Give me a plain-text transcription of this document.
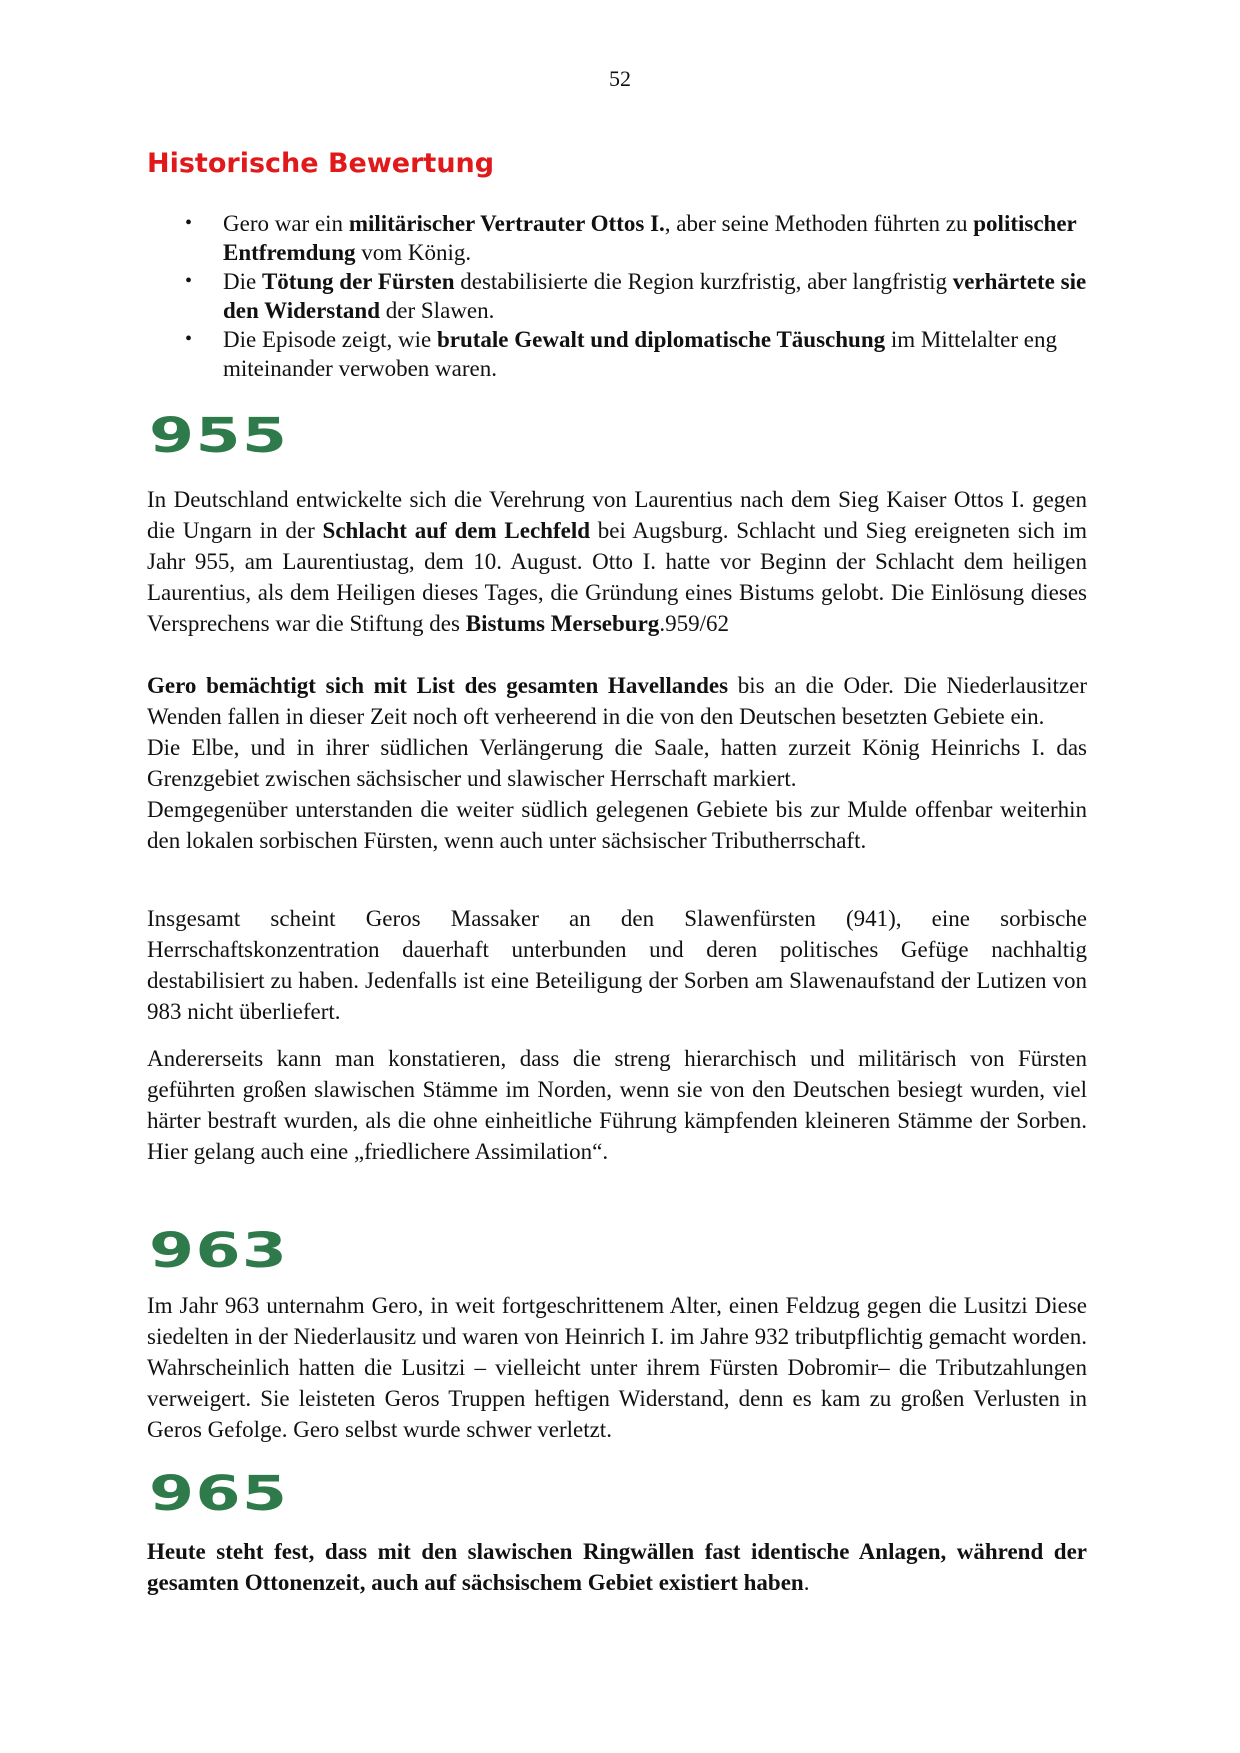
52
Historische Bewertung
• Gero war ein militärischer Vertrauter Ottos I., aber seine Methoden führten zu politischer Entfremdung vom König.
• Die Tötung der Fürsten destabilisierte die Region kurzfristig, aber langfristig verhärtete sie den Widerstand der Slawen.
• Die Episode zeigt, wie brutale Gewalt und diplomatische Täuschung im Mittelalter eng miteinander verwoben waren.
955

In Deutschland entwickelte sich die Verehrung von Laurentius nach dem Sieg Kaiser Ottos I. gegen die Ungarn in der Schlacht auf dem Lechfeld bei Augsburg. Schlacht und Sieg ereigneten sich im Jahr 955, am Laurentiustag, dem 10. August. Otto I. hatte vor Beginn der Schlacht dem heiligen Laurentius, als dem Heiligen dieses Tages, die Gründung eines Bistums gelobt. Die Einlösung dieses Versprechens war die Stiftung des Bistums Merseburg.959/62

Gero bemächtigt sich mit List des gesamten Havellandes bis an die Oder. Die Niederlausitzer Wenden fallen in dieser Zeit noch oft verheerend in die von den Deutschen besetzten Gebiete ein.
Die Elbe, und in ihrer südlichen Verlängerung die Saale, hatten zurzeit König Heinrichs I. das Grenzgebiet zwischen sächsischer und slawischer Herrschaft markiert.
Demgegenüber unterstanden die weiter südlich gelegenen Gebiete bis zur Mulde offenbar weiterhin den lokalen sorbischen Fürsten, wenn auch unter sächsischer Tributherrschaft.

Insgesamt scheint Geros Massaker an den Slawenfürsten (941), eine sorbische Herrschaftskonzentration dauerhaft unterbunden und deren politisches Gefüge nachhaltig destabilisiert zu haben. Jedenfalls ist eine Beteiligung der Sorben am Slawenaufstand der Lutizen von 983 nicht überliefert.

Andererseits kann man konstatieren, dass die streng hierarchisch und militärisch von Fürsten geführten großen slawischen Stämme im Norden, wenn sie von den Deutschen besiegt wurden, viel härter bestraft wurden, als die ohne einheitliche Führung kämpfenden kleineren Stämme der Sorben. Hier gelang auch eine „friedlichere Assimilation“.

963

Im Jahr 963 unternahm Gero, in weit fortgeschrittenem Alter, einen Feldzug gegen die Lusitzi Diese siedelten in der Niederlausitz und waren von Heinrich I. im Jahre 932 tributpflichtig gemacht worden. Wahrscheinlich hatten die Lusitzi – vielleicht unter ihrem Fürsten Dobromir– die Tributzahlungen verweigert. Sie leisteten Geros Truppen heftigen Widerstand, denn es kam zu großen Verlusten in Geros Gefolge. Gero selbst wurde schwer verletzt.

965

Heute steht fest, dass mit den slawischen Ringwällen fast identische Anlagen, während der gesamten Ottonenzeit, auch auf sächsischem Gebiet existiert haben.
